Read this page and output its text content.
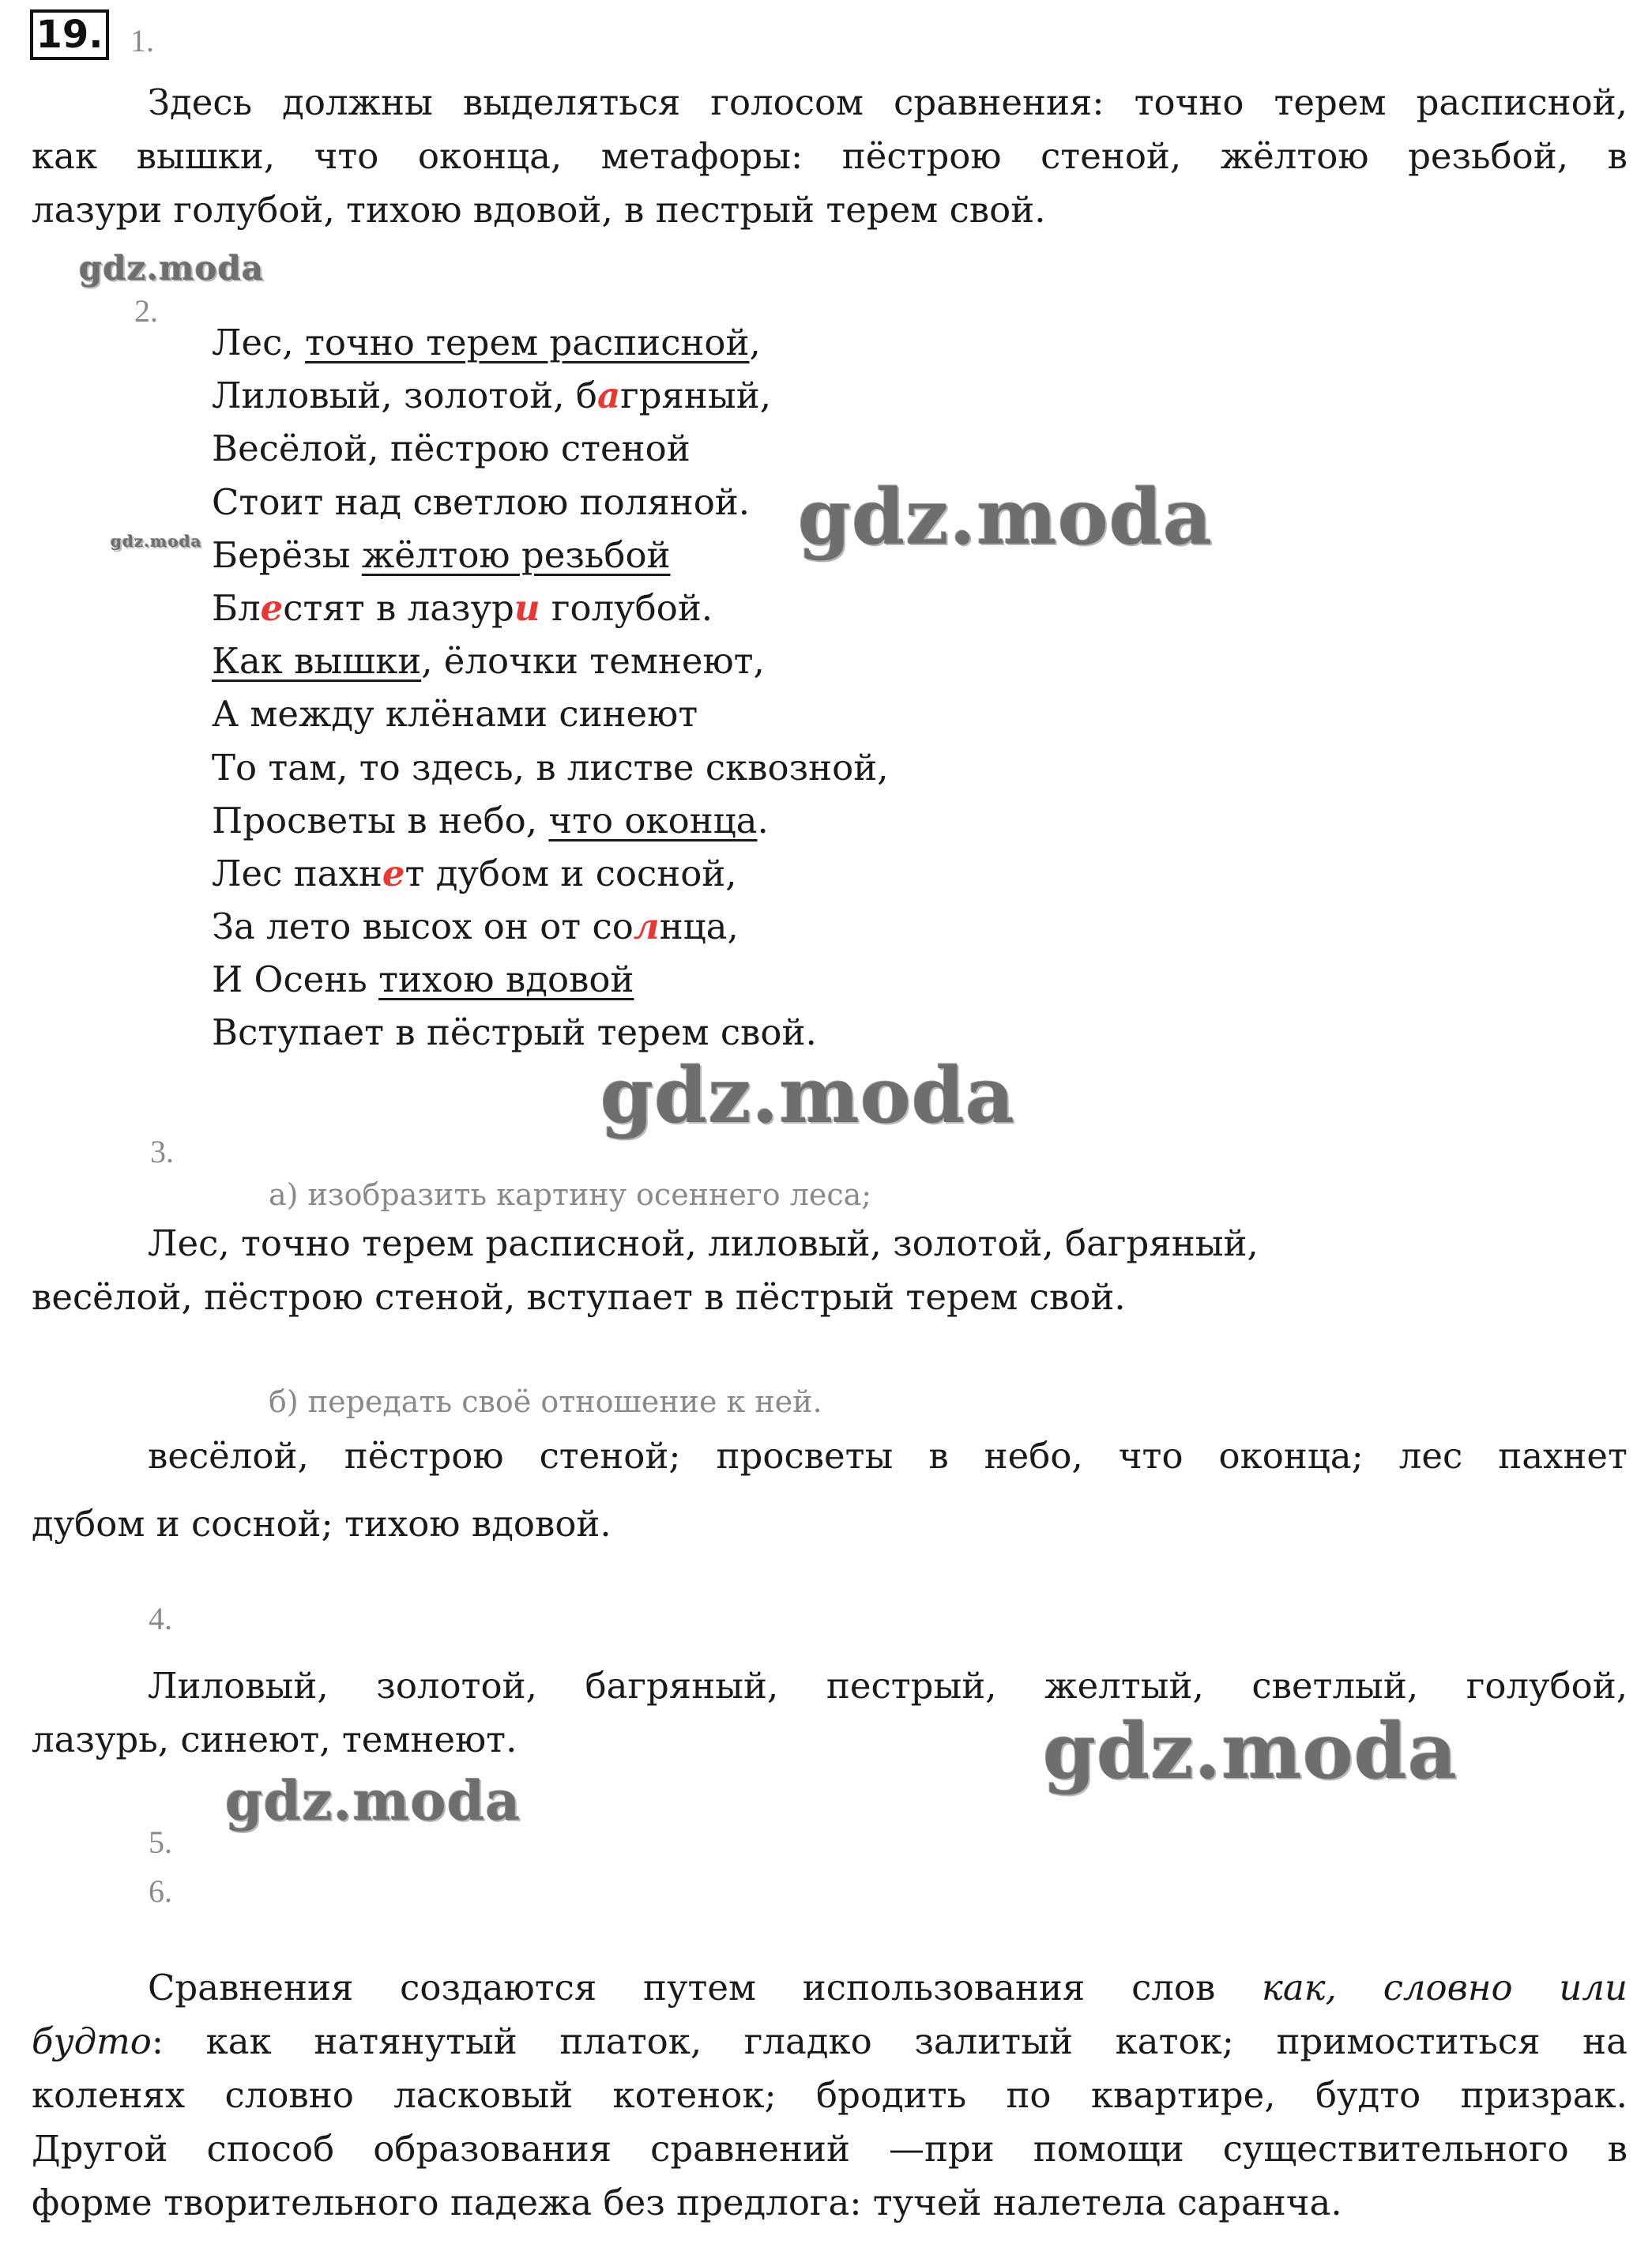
19. 1.
Здесь должны выделяться голосом сравнения: точно терем расписной,
как вышки, что оконца, метафоры: пёстрою стеной, жёлтою резьбой, в
лазури голубой, тихою вдовой, в пестрый терем свой.
gdz.moda
2.
Лес, точно терем расписной,
Лиловый, золотой, багряный,
Весёлой, пёстрою стеной
Стоит над светлою поляной.
Берёзы жёлтою резьбой
Блестят в лазури голубой.
Как вышки, ёлочки темнеют,
А между клёнами синеют
То там, то здесь, в листве сквозной,
Просветы в небо, что оконца.
Лес пахнет дубом и сосной,
За лето высох он от солнца,
И Осень тихою вдовой
Вступает в пёстрый терем свой.
gdz.moda	gdz.moda
gdz.moda
3.
а) изобразить картину осеннего леса;
Лес, точно терем расписной, лиловый, золотой, багряный,
весёлой, пёстрою стеной, вступает в пёстрый терем свой.
б) передать своё отношение к ней.
весёлой, пёстрою стеной; просветы в небо, что оконца; лес пахнет
дубом и сосной; тихою вдовой.
4.

Лиловый, золотой, багряный, пестрый, желтый, светлый, голубой,
лазурь, синеют, темнеют.	gdz.moda
gdz.moda
5.
6.
Сравнения создаются путем использования слов как, словно или
будто: как натянутый платок, гладко залитый каток; примоститься на
коленях словно ласковый котенок; бродить по квартире, будто призрак.
Другой способ образования сравнений —при помощи существительного в
форме творительного падежа без предлога: тучей налетела саранча.
